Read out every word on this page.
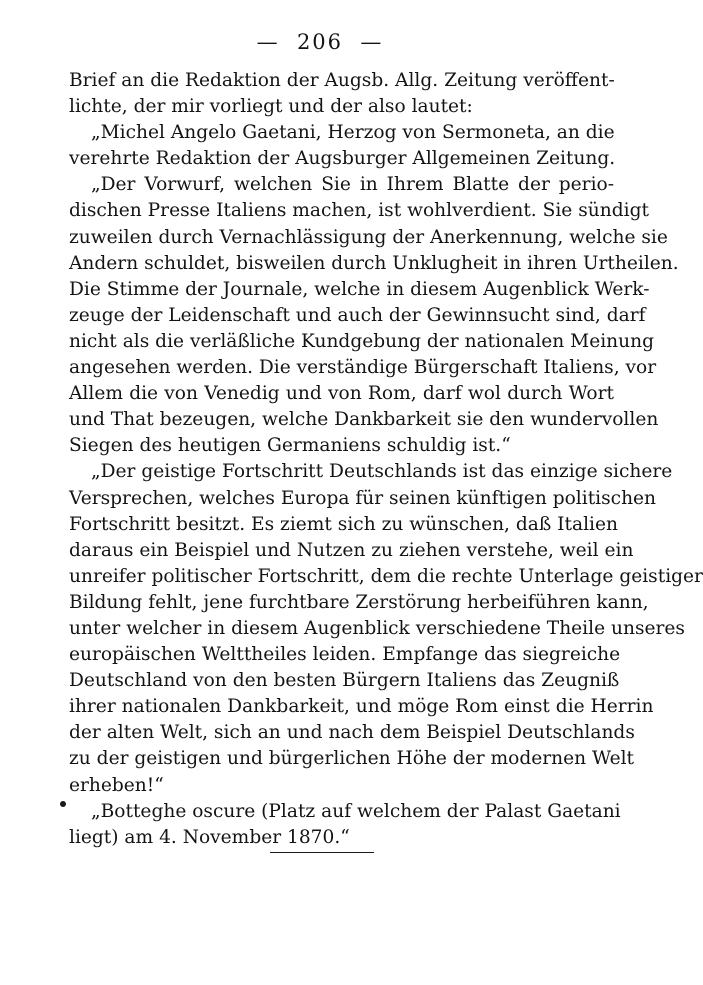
—  206  —
Brief an die Redaktion der Augsb. Allg. Zeitung veröffent-
lichte, der mir vorliegt und der also lautet:
„Michel Angelo Gaetani, Herzog von Sermoneta, an die
verehrte Redaktion der Augsburger Allgemeinen Zeitung.
„Der Vorwurf, welchen Sie in Ihrem Blatte der perio-
dischen Presse Italiens machen, ist wohlverdient. Sie sündigt
zuweilen durch Vernachlässigung der Anerkennung, welche sie
Andern schuldet, bisweilen durch Unklugheit in ihren Urtheilen.
Die Stimme der Journale, welche in diesem Augenblick Werk-
zeuge der Leidenschaft und auch der Gewinnsucht sind, darf
nicht als die verläßliche Kundgebung der nationalen Meinung
angesehen werden. Die verständige Bürgerschaft Italiens, vor
Allem die von Venedig und von Rom, darf wol durch Wort
und That bezeugen, welche Dankbarkeit sie den wundervollen
Siegen des heutigen Germaniens schuldig ist.“
„Der geistige Fortschritt Deutschlands ist das einzige sichere
Versprechen, welches Europa für seinen künftigen politischen
Fortschritt besitzt. Es ziemt sich zu wünschen, daß Italien
daraus ein Beispiel und Nutzen zu ziehen verstehe, weil ein
unreifer politischer Fortschritt, dem die rechte Unterlage geistiger
Bildung fehlt, jene furchtbare Zerstörung herbeiführen kann,
unter welcher in diesem Augenblick verschiedene Theile unseres
europäischen Welttheiles leiden. Empfange das siegreiche
Deutschland von den besten Bürgern Italiens das Zeugniß
ihrer nationalen Dankbarkeit, und möge Rom einst die Herrin
der alten Welt, sich an und nach dem Beispiel Deutschlands
zu der geistigen und bürgerlichen Höhe der modernen Welt
erheben!“
„Botteghe oscure (Platz auf welchem der Palast Gaetani
liegt) am 4. November 1870.“
